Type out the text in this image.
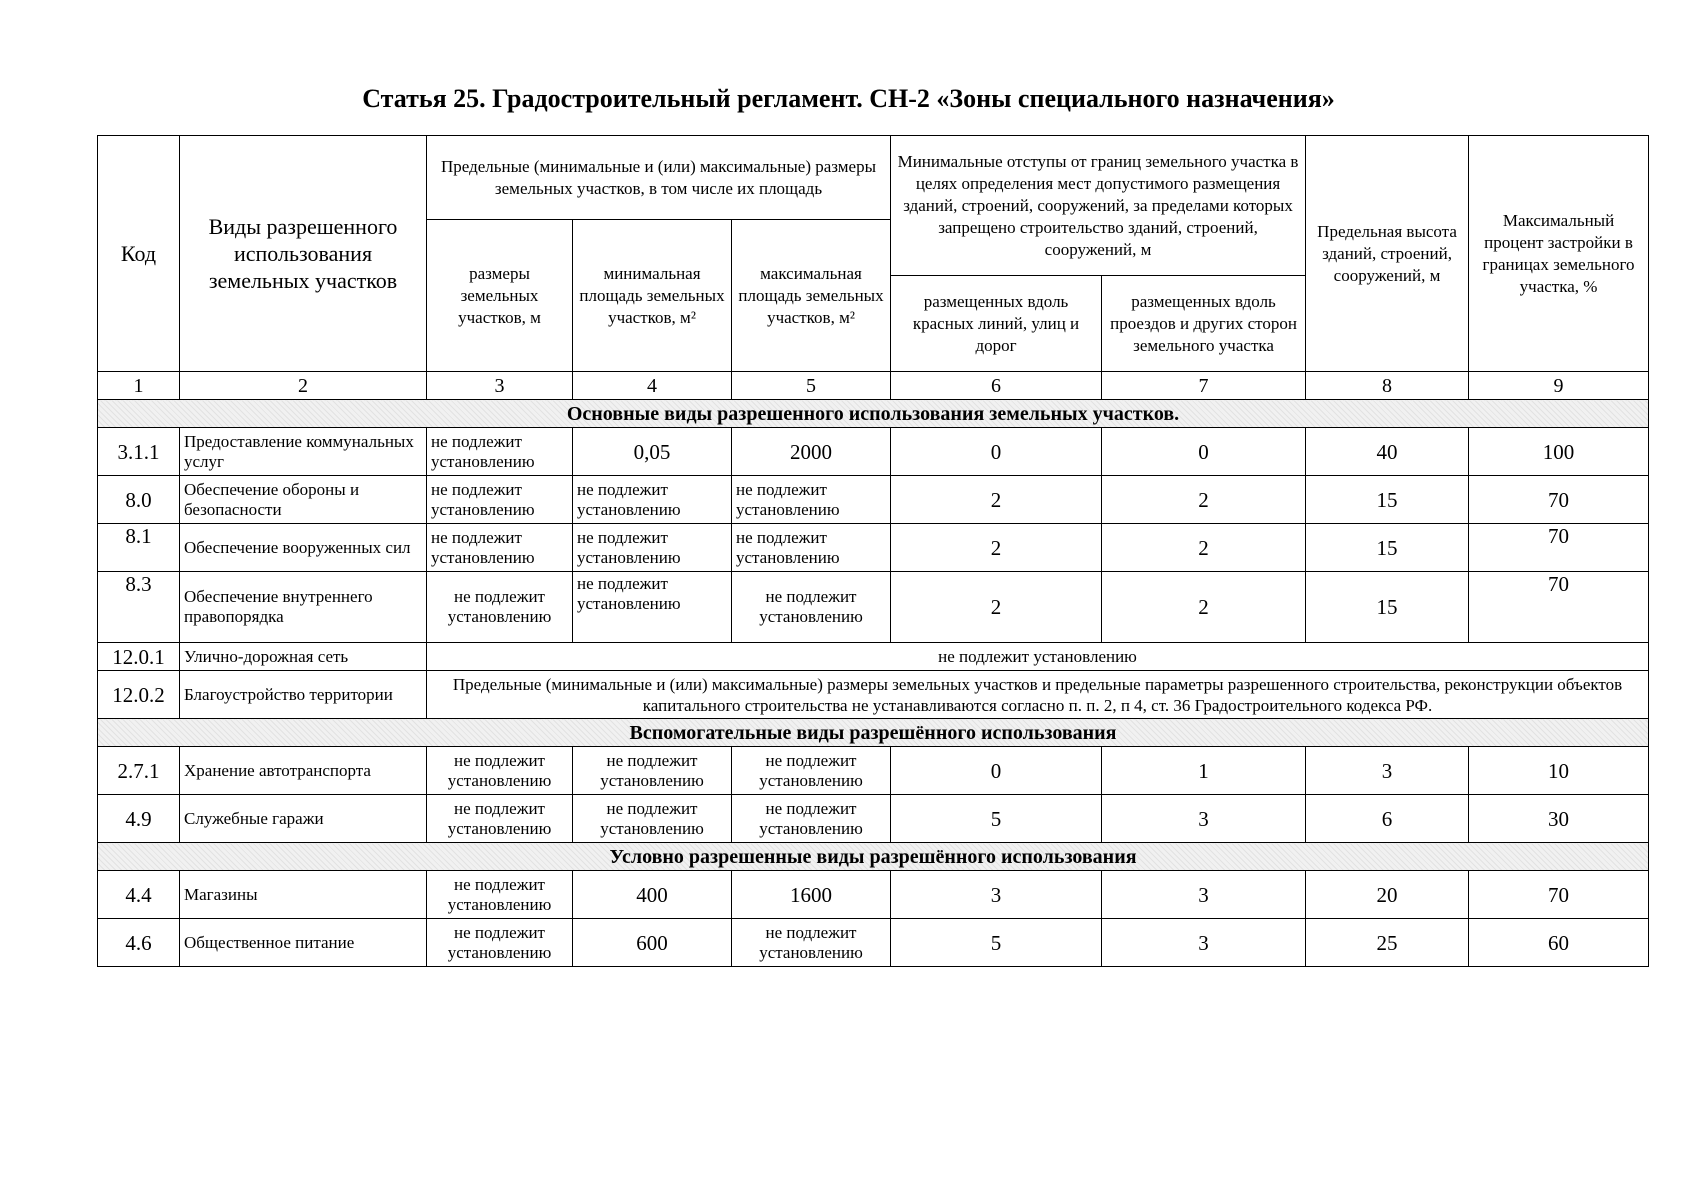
Статья 25. Градостроительный регламент. СН-2 «Зоны специального назначения»
Код	Виды разрешенного использования земельных участков	Предельные (минимальные и (или) максимальные) размеры земельных участков, в том числе их площадь			Минимальные отступы от границ земельного участка в целях определения мест допустимого размещения зданий, строений, сооружений, за пределами которых запрещено строительство зданий, строений, сооружений, м		Предельная высота зданий, строений, сооружений, м	Максимальный процент застройки в границах земельного участка, %
		размеры земельных участков, м	минимальная площадь земельных участков, м²	максимальная площадь земельных участков, м²				
					размещенных вдоль красных линий, улиц и дорог	размещенных вдоль проездов и других сторон земельного участка		
1	2	3	4	5	6	7	8	9
Основные виды разрешенного использования земельных участков.								
3.1.1	Предоставление коммунальных услуг	не подлежит установлению	0,05	2000	0	0	40	100
8.0	Обеспечение обороны и безопасности	не подлежит установлению	не подлежит установлению	не подлежит установлению	2	2	15	70
8.1	Обеспечение вооруженных сил	не подлежит установлению	не подлежит установлению	не подлежит установлению	2	2	15	70
8.3	Обеспечение внутреннего правопорядка	не подлежит установлению	не подлежит установлению	не подлежит установлению	2	2	15	70
12.0.1	Улично-дорожная сеть	не подлежит установлению						
12.0.2	Благоустройство территории	Предельные (минимальные и (или) максимальные) размеры земельных участков и предельные параметры разрешенного строительства, реконструкции объектов капитального строительства не устанавливаются согласно п. п. 2, п 4, ст. 36 Градостроительного кодекса РФ.						
Вспомогательные виды разрешённого использования								
2.7.1	Хранение автотранспорта	не подлежит установлению	не подлежит установлению	не подлежит установлению	0	1	3	10
4.9	Служебные гаражи	не подлежит установлению	не подлежит установлению	не подлежит установлению	5	3	6	30
Условно разрешенные виды разрешённого использования								
4.4	Магазины	не подлежит установлению	400	1600	3	3	20	70
4.6	Общественное питание	не подлежит установлению	600	не подлежит установлению	5	3	25	60
